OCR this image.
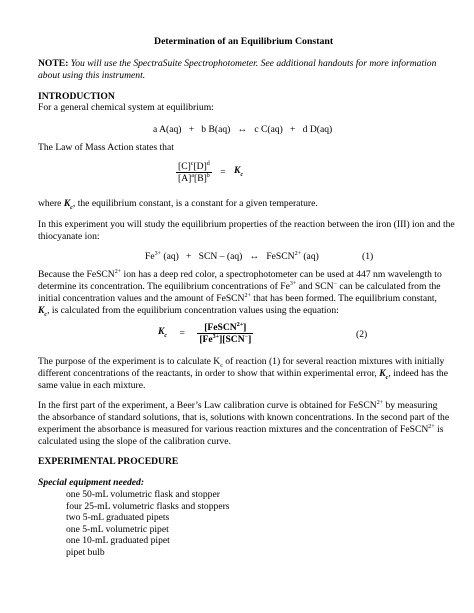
Determination of an Equilibrium Constant
NOTE: You will use the SpectraSuite Spectrophotometer. See additional handouts for more information
about using this instrument.
INTRODUCTION
For a general chemical system at equilibrium:
a A(aq)   +   b B(aq)   ↔   c C(aq)   +   d D(aq)
The Law of Mass Action states that
$\frac{[C]^c[D]^d}{[A]^a[B]^b} = K_c$
where $K_c$, the equilibrium constant, is a constant for a given temperature.
In this experiment you will study the equilibrium properties of the reaction between the iron (III) ion and the
thiocyanate ion:
$Fe^{3+}$ (aq)   +   SCN – (aq)   ↔   FeSCN$^{2+}$ (aq)	(1)
Because the FeSCN$^{2+}$ ion has a deep red color, a spectrophotometer can be used at 447 nm wavelength to
determine its concentration. The equilibrium concentrations of $Fe^{3+}$ and SCN− can be calculated from the
initial concentration values and the amount of FeSCN$^{2+}$ that has been formed. The equilibrium constant,
$K_c$, is calculated from the equilibrium concentration values using the equation:
$K_c = \frac{[FeSCN^{2+}]}{[Fe^{3+}][SCN^-]}$	(2)
The purpose of the experiment is to calculate $K_c$ of reaction (1) for several reaction mixtures with initially
different concentrations of the reactants, in order to show that within experimental error, $K_c$, indeed has the
same value in each mixture.
In the first part of the experiment, a Beer’s Law calibration curve is obtained for FeSCN$^{2+}$ by measuring
the absorbance of standard solutions, that is, solutions with known concentrations. In the second part of the
experiment the absorbance is measured for various reaction mixtures and the concentration of FeSCN$^{2+}$ is
calculated using the slope of the calibration curve.
EXPERIMENTAL PROCEDURE
Special equipment needed:
one 50-mL volumetric flask and stopper
four 25-mL volumetric flasks and stoppers
two 5-mL graduated pipets
one 5-mL volumetric pipet
one 10-mL graduated pipet
pipet bulb
